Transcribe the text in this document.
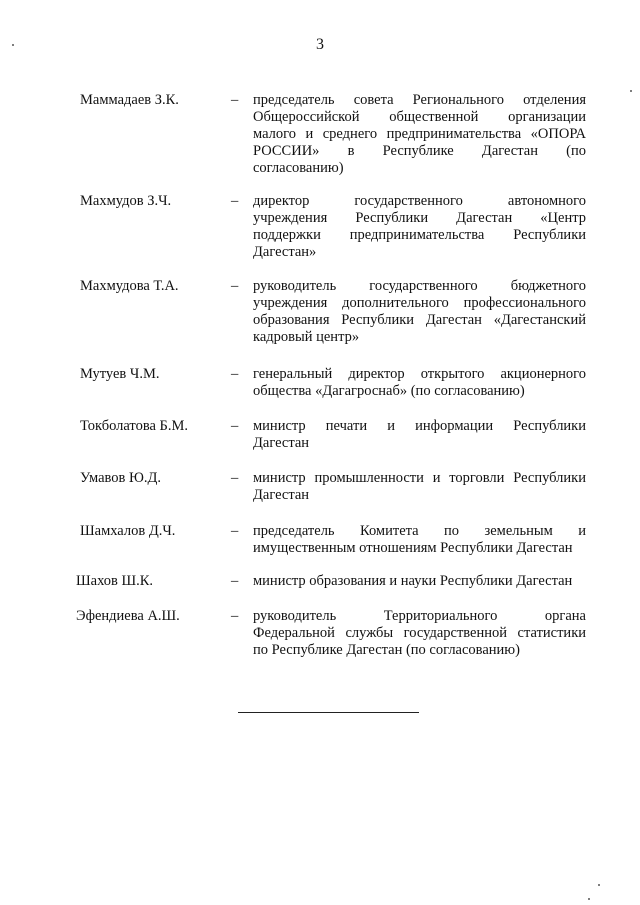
3
Маммадаев З.К.	– председатель совета Регионального отделения
Общероссийской общественной организации
малого и среднего предпринимательства «ОПОРА
РОССИИ» в Республике Дагестан (по
согласованию)
Махмудов З.Ч.	– директор государственного автономного
учреждения Республики Дагестан «Центр
поддержки предпринимательства Республики
Дагестан»
Махмудова Т.А.	– руководитель государственного бюджетного
учреждения дополнительного профессионального
образования Республики Дагестан «Дагестанский
кадровый центр»
Мутуев Ч.М.	– генеральный директор открытого акционерного
общества «Дагагроснаб» (по согласованию)
Токболатова Б.М.	– министр печати и информации Республики
Дагестан
Умавов Ю.Д.	– министр промышленности и торговли Республики
Дагестан
Шамхалов Д.Ч.	– председатель Комитета по земельным и
имущественным отношениям Республики Дагестан
Шахов Ш.К.	– министр образования и науки Республики Дагестан
Эфендиева А.Ш.	– руководитель Территориального органа
Федеральной службы государственной статистики
по Республике Дагестан (по согласованию)
